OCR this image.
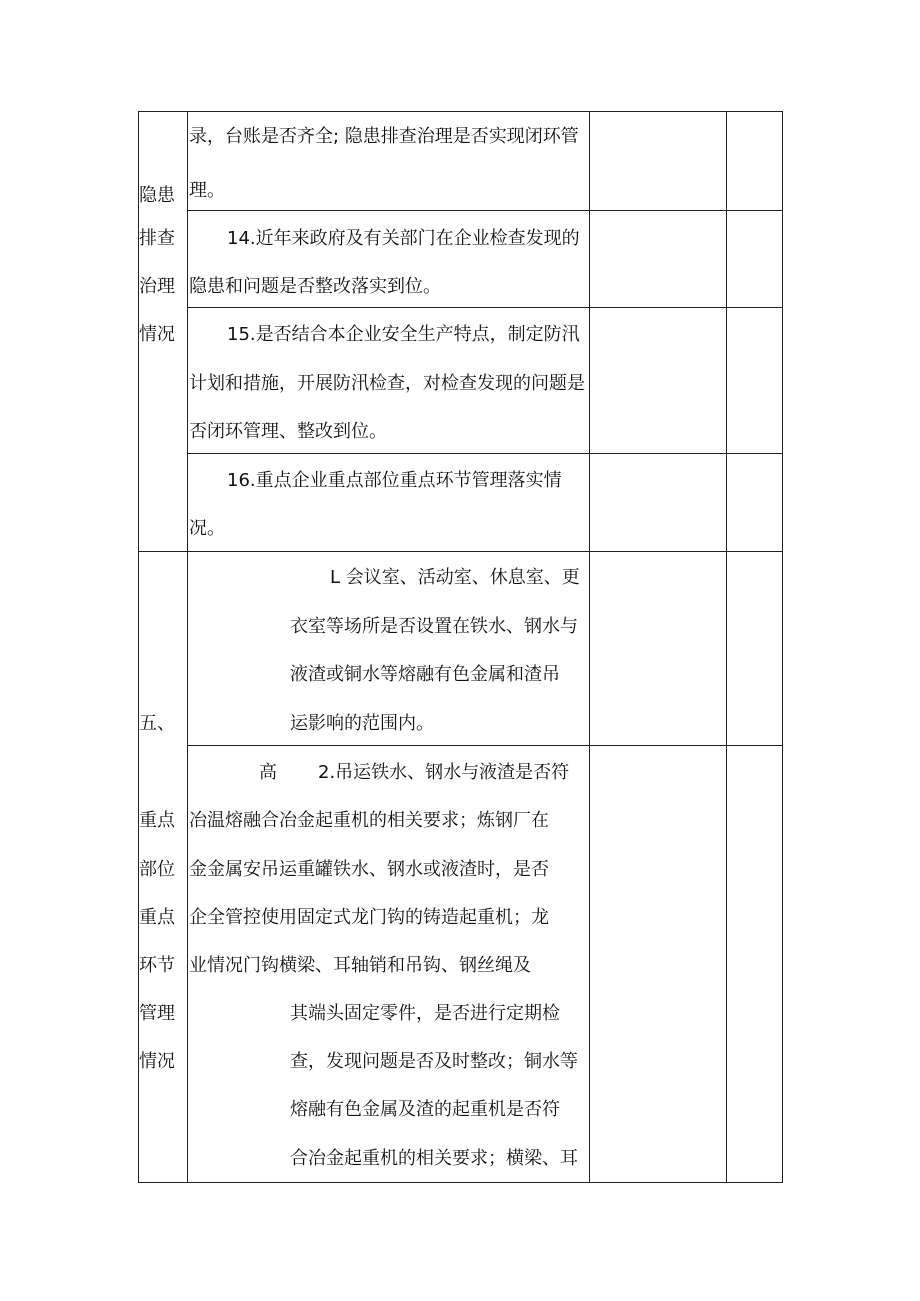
隐患
排查
治理
情况
录，台账是否齐全; 隐患排查治理是否实现闭环管
理。
14.近年来政府及有关部门在企业检查发现的
隐患和问题是否整改落实到位。
15.是否结合本企业安全生产特点，制定防汛
计划和措施，开展防汛检查，对检查发现的问题是
否闭环管理、整改到位。
16.重点企业重点部位重点环节管理落实情
况。
五、
重点
部位
重点
环节
管理
情况
L 会议室、活动室、休息室、更
衣室等场所是否设置在铁水、钢水与
液渣或铜水等熔融有色金属和渣吊
运影响的范围内。
高 2.吊运铁水、钢水与液渣是否符
冶温熔融合冶金起重机的相关要求；炼钢厂在
金金属安吊运重罐铁水、钢水或液渣时，是否
企全管控使用固定式龙门钩的铸造起重机；龙
业情况门钩横梁、耳轴销和吊钩、钢丝绳及
其端头固定零件，是否进行定期检
查，发现问题是否及时整改；铜水等
熔融有色金属及渣的起重机是否符
合冶金起重机的相关要求；横梁、耳
